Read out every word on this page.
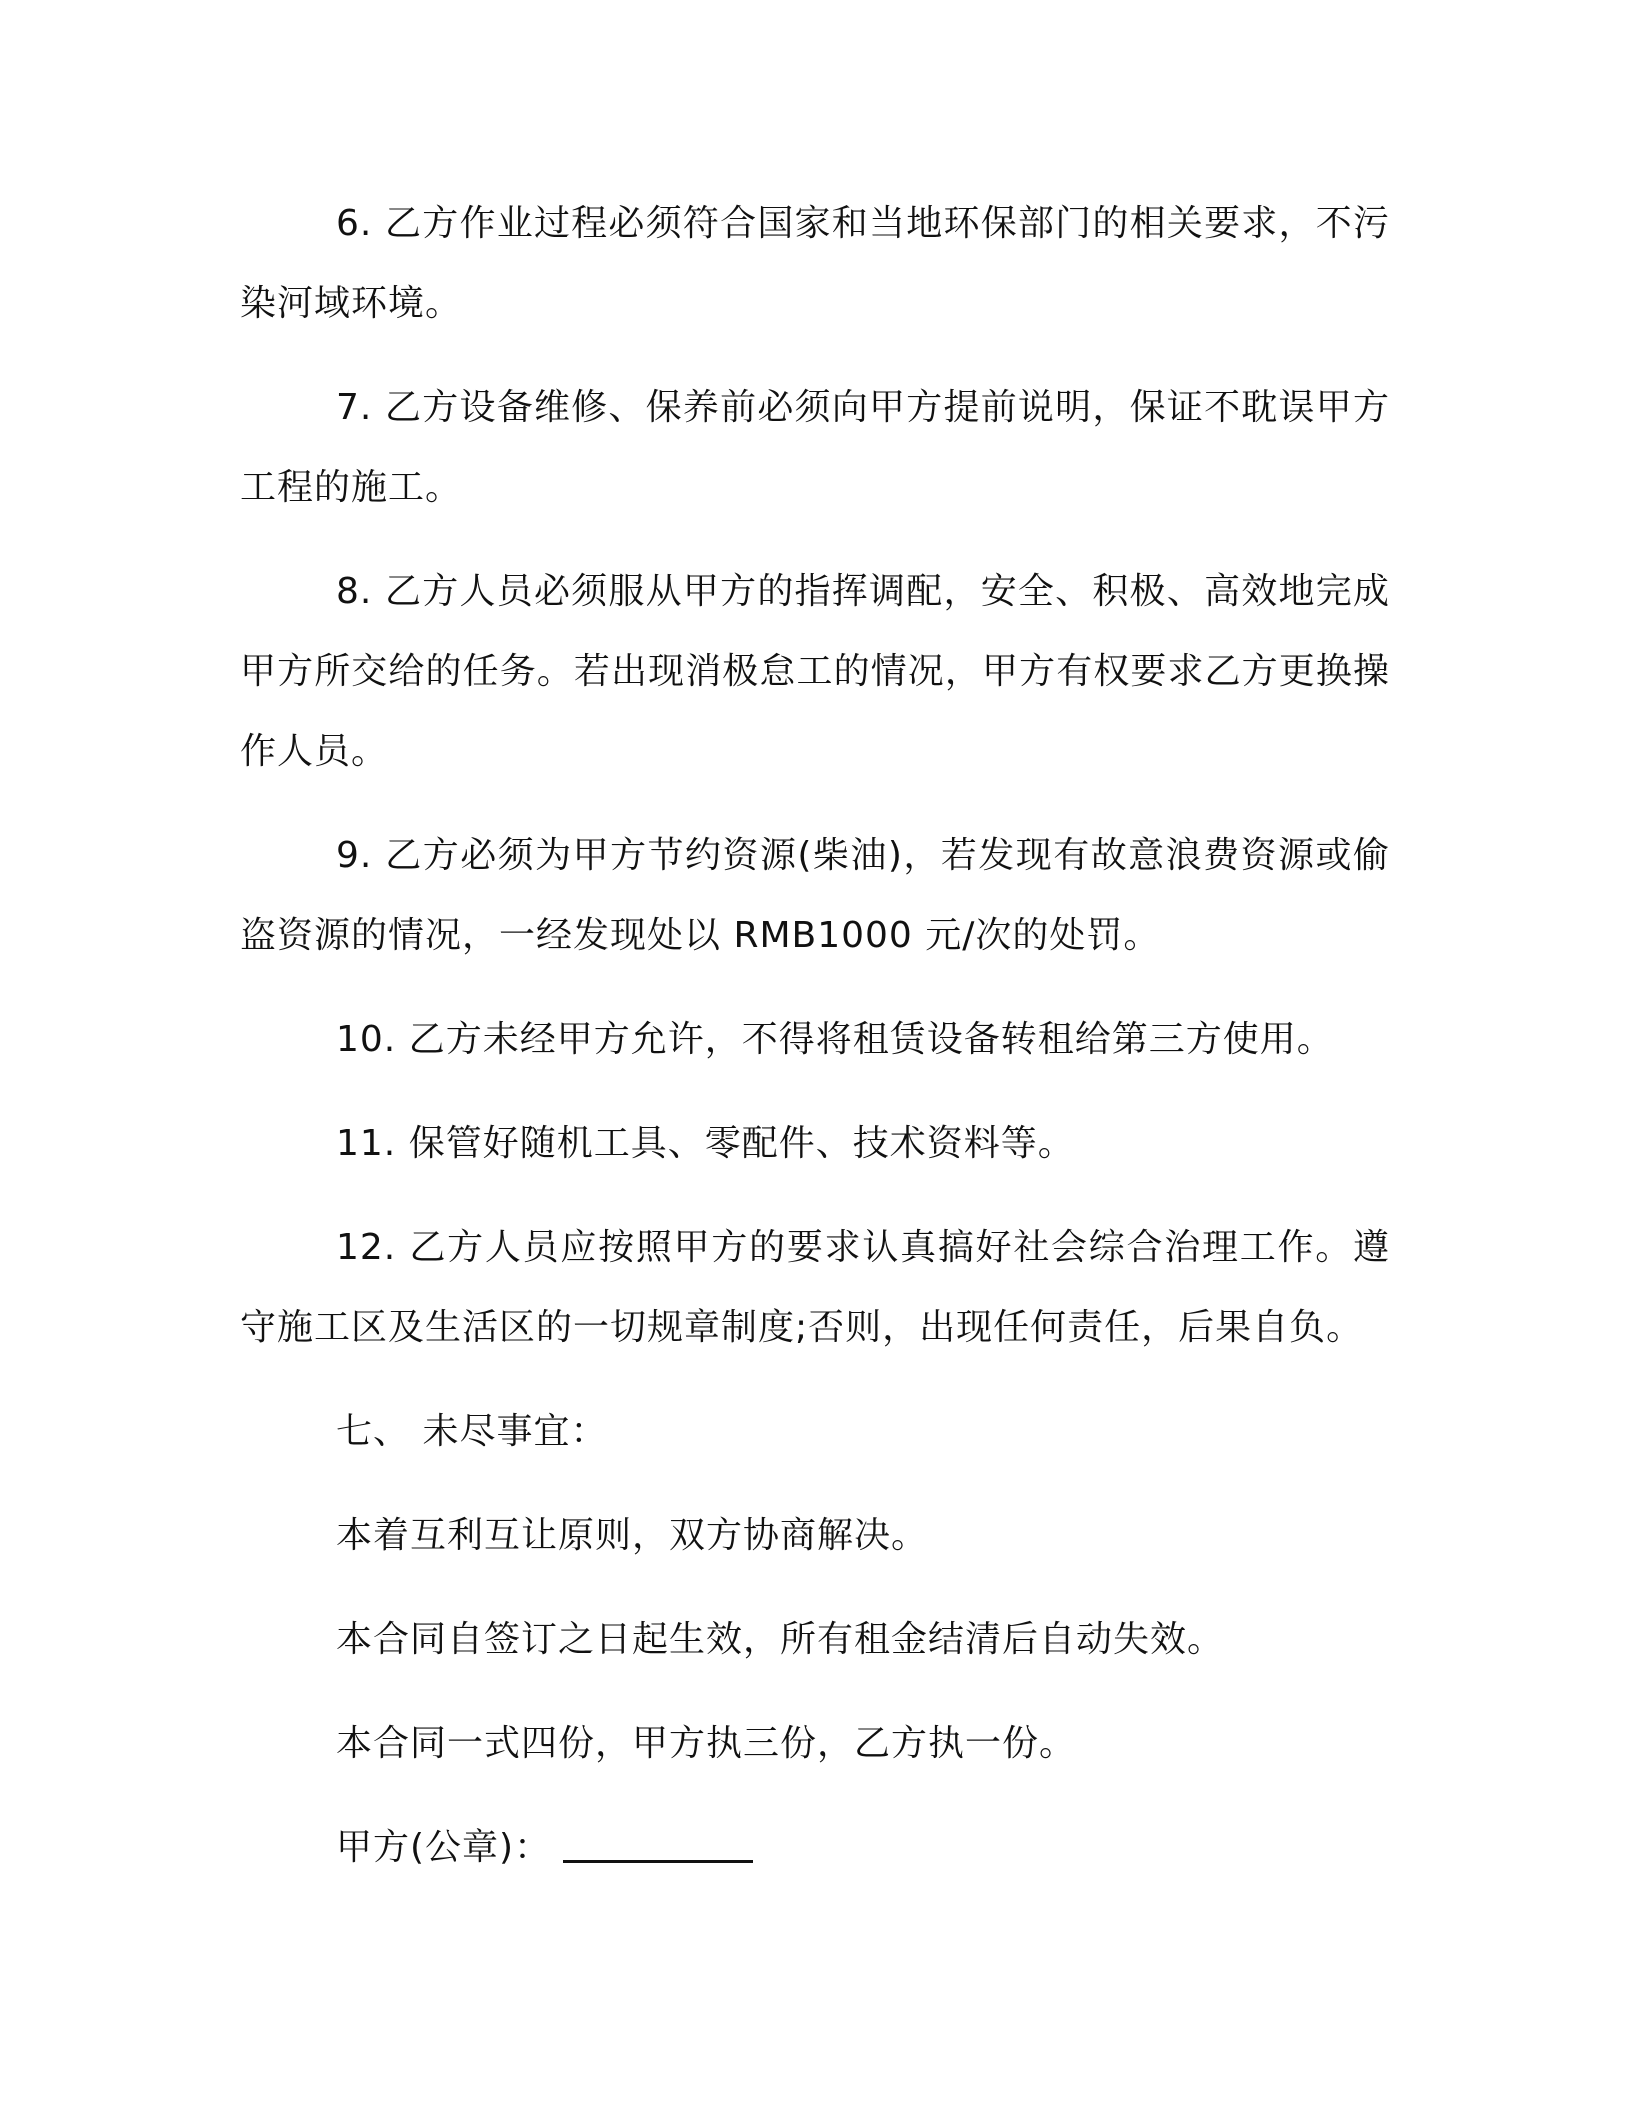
6. 乙方作业过程必须符合国家和当地环保部门的相关要求，不污染河域环境。

7. 乙方设备维修、保养前必须向甲方提前说明，保证不耽误甲方工程的施工。

8. 乙方人员必须服从甲方的指挥调配，安全、积极、高效地完成甲方所交给的任务。若出现消极怠工的情况，甲方有权要求乙方更换操作人员。

9. 乙方必须为甲方节约资源(柴油)，若发现有故意浪费资源或偷盗资源的情况，一经发现处以 RMB1000 元/次的处罚。

10. 乙方未经甲方允许，不得将租赁设备转租给第三方使用。

11. 保管好随机工具、零配件、技术资料等。

12. 乙方人员应按照甲方的要求认真搞好社会综合治理工作。遵守施工区及生活区的一切规章制度;否则，出现任何责任，后果自负。

七、 未尽事宜：

本着互利互让原则，双方协商解决。

本合同自签订之日起生效，所有租金结清后自动失效。

本合同一式四份，甲方执三份，乙方执一份。

甲方(公章)：
